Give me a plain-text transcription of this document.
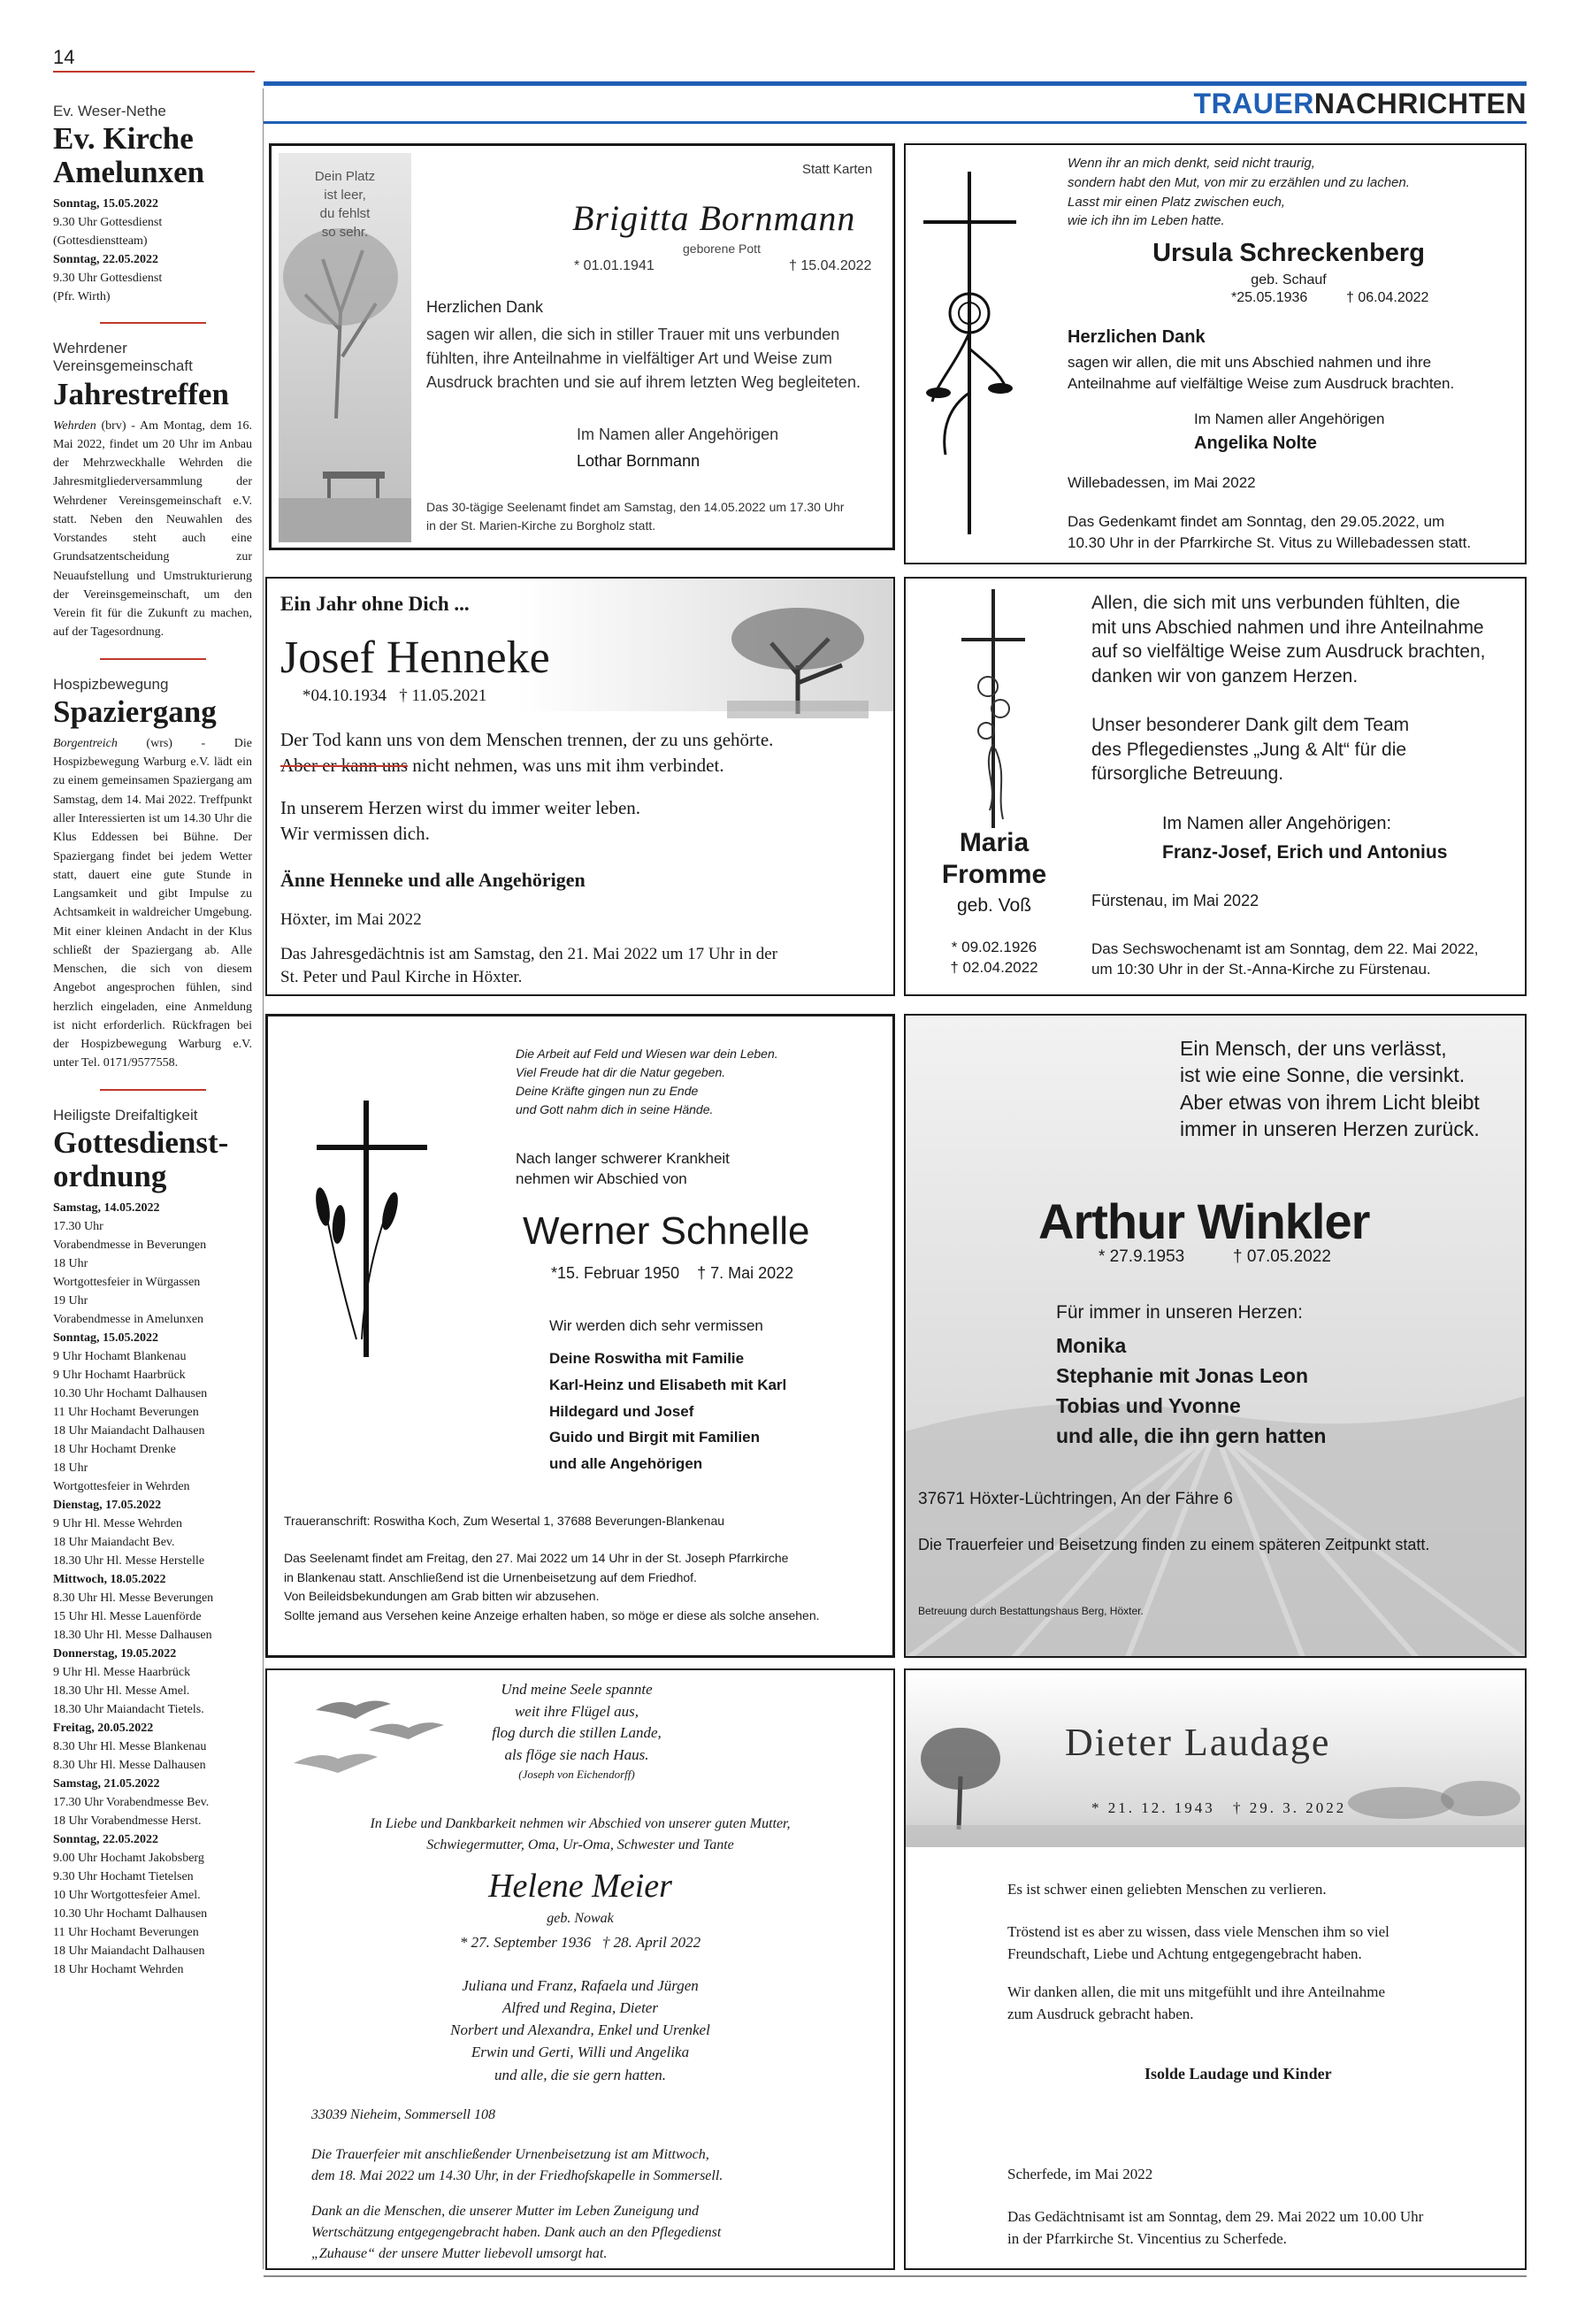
14
TRAUERNACHRICHTEN
Ev. Weser-Nethe
Ev. Kirche Amelunxen
Sonntag, 15.05.2022
9.30 Uhr Gottesdienst
(Gottesdienstteam)
Sonntag, 22.05.2022
9.30 Uhr Gottesdienst
(Pfr. Wirth)
Wehrdener Vereinsgemeinschaft
Jahrestreffen
Wehrden (brv) - Am Montag, dem 16. Mai 2022, findet um 20 Uhr im Anbau der Mehrzweckhalle Wehrden die Jahresmitgliederversammlung der Wehrdener Vereinsgemeinschaft e.V. statt. Neben den Neuwahlen des Vorstandes steht auch eine Grundsatzentscheidung zur Neuaufstellung und Umstrukturierung der Vereinsgemeinschaft, um den Verein fit für die Zukunft zu machen, auf der Tagesordnung.
Hospizbewegung
Spaziergang
Borgentreich (wrs) - Die Hospizbewegung Warburg e.V. lädt ein zu einem gemeinsamen Spaziergang am Samstag, dem 14. Mai 2022. Treffpunkt aller Interessierten ist um 14.30 Uhr die Klus Eddessen bei Bühne. Der Spaziergang findet bei jedem Wetter statt, dauert eine gute Stunde in Langsamkeit und gibt Impulse zu Achtsamkeit in waldreicher Umgebung. Mit einer kleinen Andacht in der Klus schließt der Spaziergang ab. Alle Menschen, die sich von diesem Angebot angesprochen fühlen, sind herzlich eingeladen, eine Anmeldung ist nicht erforderlich. Rückfragen bei der Hospizbewegung Warburg e.V. unter Tel. 0171/9577558.
Heiligste Dreifaltigkeit
Gottesdienst-ordnung
Samstag, 14.05.2022
17.30 Uhr
Vorabendmesse in Beverungen
18 Uhr
Wortgottesfeier in Würgassen
19 Uhr
Vorabendmesse in Amelunxen
Sonntag, 15.05.2022
9 Uhr Hochamt Blankenau
9 Uhr Hochamt Haarbrück
10.30 Uhr Hochamt Dalhausen
11 Uhr Hochamt Beverungen
18 Uhr Maiandacht Dalhausen
18 Uhr Hochamt Drenke
18 Uhr
Wortgottesfeier in Wehrden
Dienstag, 17.05.2022
9 Uhr Hl. Messe Wehrden
18 Uhr Maiandacht Bev.
18.30 Uhr Hl. Messe Herstelle
Mittwoch, 18.05.2022
8.30 Uhr Hl. Messe Beverungen
15 Uhr Hl. Messe Lauenförde
18.30 Uhr Hl. Messe Dalhausen
Donnerstag, 19.05.2022
9 Uhr Hl. Messe Haarbrück
18.30 Uhr Hl. Messe Amel.
18.30 Uhr Maiandacht Tietels.
Freitag, 20.05.2022
8.30 Uhr Hl. Messe Blankenau
8.30 Uhr Hl. Messe Dalhausen
Samstag, 21.05.2022
17.30 Uhr Vorabendmesse Bev.
18 Uhr Vorabendmesse Herst.
Sonntag, 22.05.2022
9.00 Uhr Hochamt Jakobsberg
9.30 Uhr Hochamt Tietelsen
10 Uhr Wortgottesfeier Amel.
10.30 Uhr Hochamt Dalhausen
11 Uhr Hochamt Beverungen
18 Uhr Maiandacht Dalhausen
18 Uhr Hochamt Wehrden
Dein Platz
ist leer,
du fehlst
so sehr.
Statt Karten
Brigitta Bornmann
geborene Pott
* 01.01.1941	† 15.04.2022
Herzlichen Dank
sagen wir allen, die sich in stiller Trauer mit uns verbunden
fühlten, ihre Anteilnahme in vielfältiger Art und Weise zum
Ausdruck brachten und sie auf ihrem letzten Weg begleiteten.
Im Namen aller Angehörigen
Lothar Bornmann
Das 30-tägige Seelenamt findet am Samstag, den 14.05.2022 um 17.30 Uhr
in der St. Marien-Kirche zu Borgholz statt.
Wenn ihr an mich denkt, seid nicht traurig,
sondern habt den Mut, von mir zu erzählen und zu lachen.
Lasst mir einen Platz zwischen euch,
wie ich ihn im Leben hatte.
Ursula Schreckenberg
geb. Schauf
*25.05.1936	† 06.04.2022
Herzlichen Dank
sagen wir allen, die mit uns Abschied nahmen und ihre
Anteilnahme auf vielfältige Weise zum Ausdruck brachten.
Im Namen aller Angehörigen
Angelika Nolte
Willebadessen, im Mai 2022
Das Gedenkamt findet am Sonntag, den 29.05.2022, um
10.30 Uhr in der Pfarrkirche St. Vitus zu Willebadessen statt.
Ein Jahr ohne Dich ...
Josef Henneke
*04.10.1934   † 11.05.2021
Der Tod kann uns von dem Menschen trennen, der zu uns gehörte.
Aber er kann uns nicht nehmen, was uns mit ihm verbindet.
In unserem Herzen wirst du immer weiter leben.
Wir vermissen dich.
Änne Henneke und alle Angehörigen
Höxter, im Mai 2022
Das Jahresgedächtnis ist am Samstag, den 21. Mai 2022 um 17 Uhr in der
St. Peter und Paul Kirche in Höxter.
Maria
Fromme
geb. Voß
* 09.02.1926
† 02.04.2022
Allen, die sich mit uns verbunden fühlten, die
mit uns Abschied nahmen und ihre Anteilnahme
auf so vielfältige Weise zum Ausdruck brachten,
danken wir von ganzem Herzen.
Unser besonderer Dank gilt dem Team
des Pflegedienstes „Jung & Alt“ für die
fürsorgliche Betreuung.
Im Namen aller Angehörigen:
Franz-Josef, Erich und Antonius
Fürstenau, im Mai 2022
Das Sechswochenamt ist am Sonntag, dem 22. Mai 2022,
um 10:30 Uhr in der St.-Anna-Kirche zu Fürstenau.
Die Arbeit auf Feld und Wiesen war dein Leben.
Viel Freude hat dir die Natur gegeben.
Deine Kräfte gingen nun zu Ende
und Gott nahm dich in seine Hände.
Nach langer schwerer Krankheit
nehmen wir Abschied von
Werner Schnelle
*15. Februar 1950    † 7. Mai 2022
Wir werden dich sehr vermissen
Deine Roswitha mit Familie
Karl-Heinz und Elisabeth mit Karl
Hildegard und Josef
Guido und Birgit mit Familien
und alle Angehörigen
Traueranschrift: Roswitha Koch, Zum Wesertal 1, 37688 Beverungen-Blankenau
Das Seelenamt findet am Freitag, den 27. Mai 2022 um 14 Uhr in der St. Joseph Pfarrkirche
in Blankenau statt. Anschließend ist die Urnenbeisetzung auf dem Friedhof.
Von Beileidsbekundungen am Grab bitten wir abzusehen.
Sollte jemand aus Versehen keine Anzeige erhalten haben, so möge er diese als solche ansehen.
Ein Mensch, der uns verlässt,
ist wie eine Sonne, die versinkt.
Aber etwas von ihrem Licht bleibt
immer in unseren Herzen zurück.
Arthur Winkler
* 27.9.1953	† 07.05.2022
Für immer in unseren Herzen:
Monika
Stephanie mit Jonas Leon
Tobias und Yvonne
und alle, die ihn gern hatten
37671 Höxter-Lüchtringen, An der Fähre 6
Die Trauerfeier und Beisetzung finden zu einem späteren Zeitpunkt statt.
Betreuung durch Bestattungshaus Berg, Höxter.
Und meine Seele spannte
weit ihre Flügel aus,
flog durch die stillen Lande,
als flöge sie nach Haus.
(Joseph von Eichendorff)
In Liebe und Dankbarkeit nehmen wir Abschied von unserer guten Mutter,
Schwiegermutter, Oma, Ur-Oma, Schwester und Tante
Helene Meier
geb. Nowak
* 27. September 1936   † 28. April 2022
Juliana und Franz, Rafaela und Jürgen
Alfred und Regina, Dieter
Norbert und Alexandra, Enkel und Urenkel
Erwin und Gerti, Willi und Angelika
und alle, die sie gern hatten.
33039 Nieheim, Sommersell 108
Die Trauerfeier mit anschließender Urnenbeisetzung ist am Mittwoch,
dem 18. Mai 2022 um 14.30 Uhr, in der Friedhofskapelle in Sommersell.
Dank an die Menschen, die unserer Mutter im Leben Zuneigung und
Wertschätzung entgegengebracht haben. Dank auch an den Pflegedienst
„Zuhause“ der unsere Mutter liebevoll umsorgt hat.
Dieter Laudage
* 21. 12. 1943 † 29. 3. 2022
Es ist schwer einen geliebten Menschen zu verlieren.
Tröstend ist es aber zu wissen, dass viele Menschen ihm so viel
Freundschaft, Liebe und Achtung entgegengebracht haben.
Wir danken allen, die mit uns mitgefühlt und ihre Anteilnahme
zum Ausdruck gebracht haben.
Isolde Laudage und Kinder
Scherfede, im Mai 2022
Das Gedächtnisamt ist am Sonntag, dem 29. Mai 2022 um 10.00 Uhr
in der Pfarrkirche St. Vincentius zu Scherfede.
